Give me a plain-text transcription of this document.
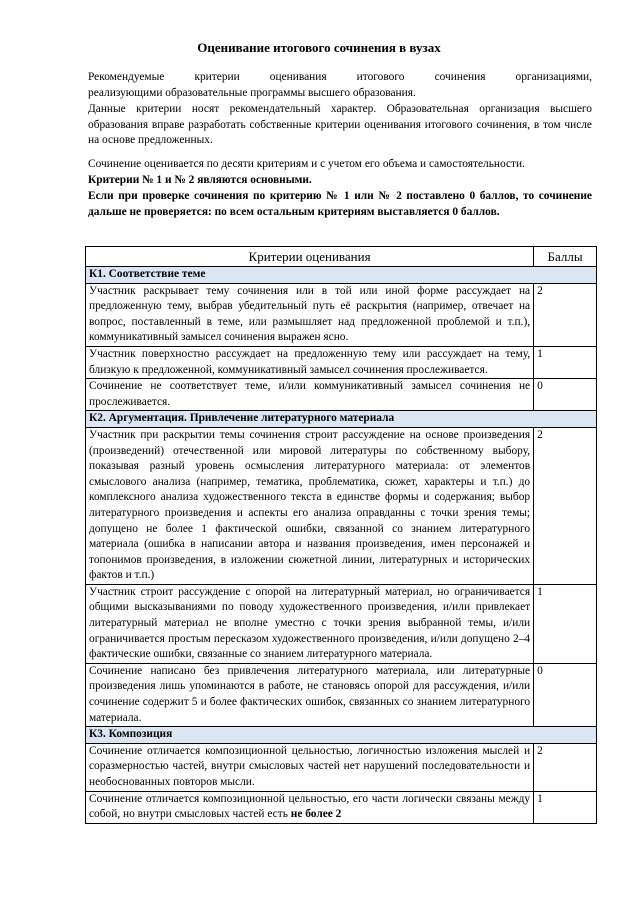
Оценивание итогового сочинения в вузах

Рекомендуемые критерии оценивания итогового сочинения организациями,

реализующими образовательные программы высшего образования.

Данные критерии носят рекомендательный характер. Образовательная организация высшего образования вправе разработать собственные критерии оценивания итогового сочинения, в том числе на основе предложенных.

Сочинение оценивается по десяти критериям и с учетом его объема и самостоятельности.

Критерии № 1 и № 2 являются основными.

Если при проверке сочинения по критерию № 1 или № 2 поставлено 0 баллов, то сочинение дальше не проверяется: по всем остальным критериям выставляется 0 баллов.

Критерии оценивания	Баллы
К1. Соответствие теме	
Участник раскрывает тему сочинения или в той или иной форме рассуждает на предложенную тему, выбрав убедительный путь её раскрытия (например, отвечает на вопрос, поставленный в теме, или размышляет над предложенной проблемой и т.п.), коммуникативный замысел сочинения выражен ясно.	2
Участник поверхностно рассуждает на предложенную тему или рассуждает на тему, близкую к предложенной, коммуникативный замысел сочинения прослеживается.	1
Сочинение не соответствует теме, и/или коммуникативный замысел сочинения не прослеживается.	0
К2. Аргументация. Привлечение литературного материала	
Участник при раскрытии темы сочинения строит рассуждение на основе произведения (произведений) отечественной или мировой литературы по собственному выбору, показывая разный уровень осмысления литературного материала: от элементов смыслового анализа (например, тематика, проблематика, сюжет, характеры и т.п.) до комплексного анализа художественного текста в единстве формы и содержания; выбор литературного произведения и аспекты его анализа оправданны с точки зрения темы; допущено не более 1 фактической ошибки, связанной со знанием литературного материала (ошибка в написании автора и названия произведения, имен персонажей и топонимов произведения, в изложении сюжетной линии, литературных и исторических фактов и т.п.)	2
Участник строит рассуждение с опорой на литературный материал, но ограничивается общими высказываниями по поводу художественного произведения, и/или привлекает литературный материал не вполне уместно с точки зрения выбранной темы, и/или ограничивается простым пересказом художественного произведения, и/или допущено 2–4 фактические ошибки, связанные со знанием литературного материала.	1
Сочинение написано без привлечения литературного материала, или литературные произведения лишь упоминаются в работе, не становясь опорой для рассуждения, и/или сочинение содержит 5 и более фактических ошибок, связанных со знанием литературного материала.	0
К3. Композиция	
Сочинение отличается композиционной цельностью, логичностью изложения мыслей и соразмерностью частей, внутри смысловых частей нет нарушений последовательности и необоснованных повторов мысли.	2
Сочинение отличается композиционной цельностью, его части логически связаны между собой, но внутри смысловых частей есть не более 2	1
